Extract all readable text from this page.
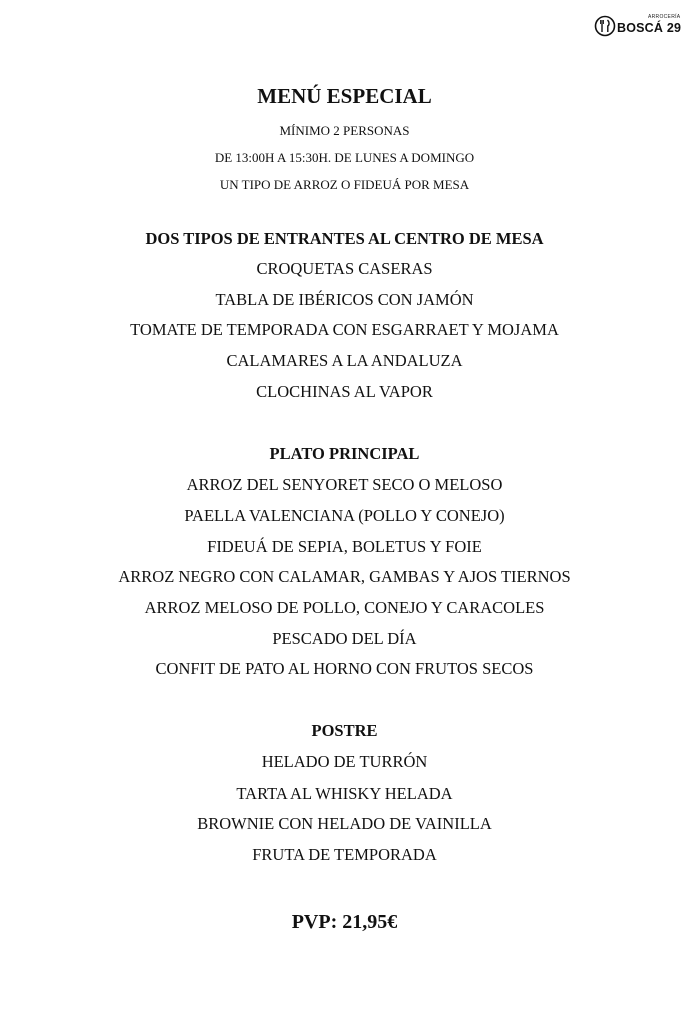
ARROCERÍA
BOSCÁ 29

MENÚ ESPECIAL

MÍNIMO 2 PERSONAS

DE 13:00H A 15:30H. DE LUNES A DOMINGO

UN TIPO DE ARROZ O FIDEUÁ POR MESA

DOS TIPOS DE ENTRANTES AL CENTRO DE MESA

CROQUETAS CASERAS

TABLA DE IBÉRICOS CON JAMÓN

TOMATE DE TEMPORADA CON ESGARRAET Y MOJAMA

CALAMARES A LA ANDALUZA

CLOCHINAS AL VAPOR

PLATO PRINCIPAL

ARROZ DEL SENYORET SECO O MELOSO

PAELLA VALENCIANA (POLLO Y CONEJO)

FIDEUÁ DE SEPIA, BOLETUS Y FOIE

ARROZ NEGRO CON CALAMAR, GAMBAS Y AJOS TIERNOS

ARROZ MELOSO DE POLLO, CONEJO Y CARACOLES

PESCADO DEL DÍA

CONFIT DE PATO AL HORNO CON FRUTOS SECOS

POSTRE

HELADO DE TURRÓN

TARTA AL WHISKY HELADA

BROWNIE CON HELADO DE VAINILLA

FRUTA DE TEMPORADA

PVP: 21,95€
